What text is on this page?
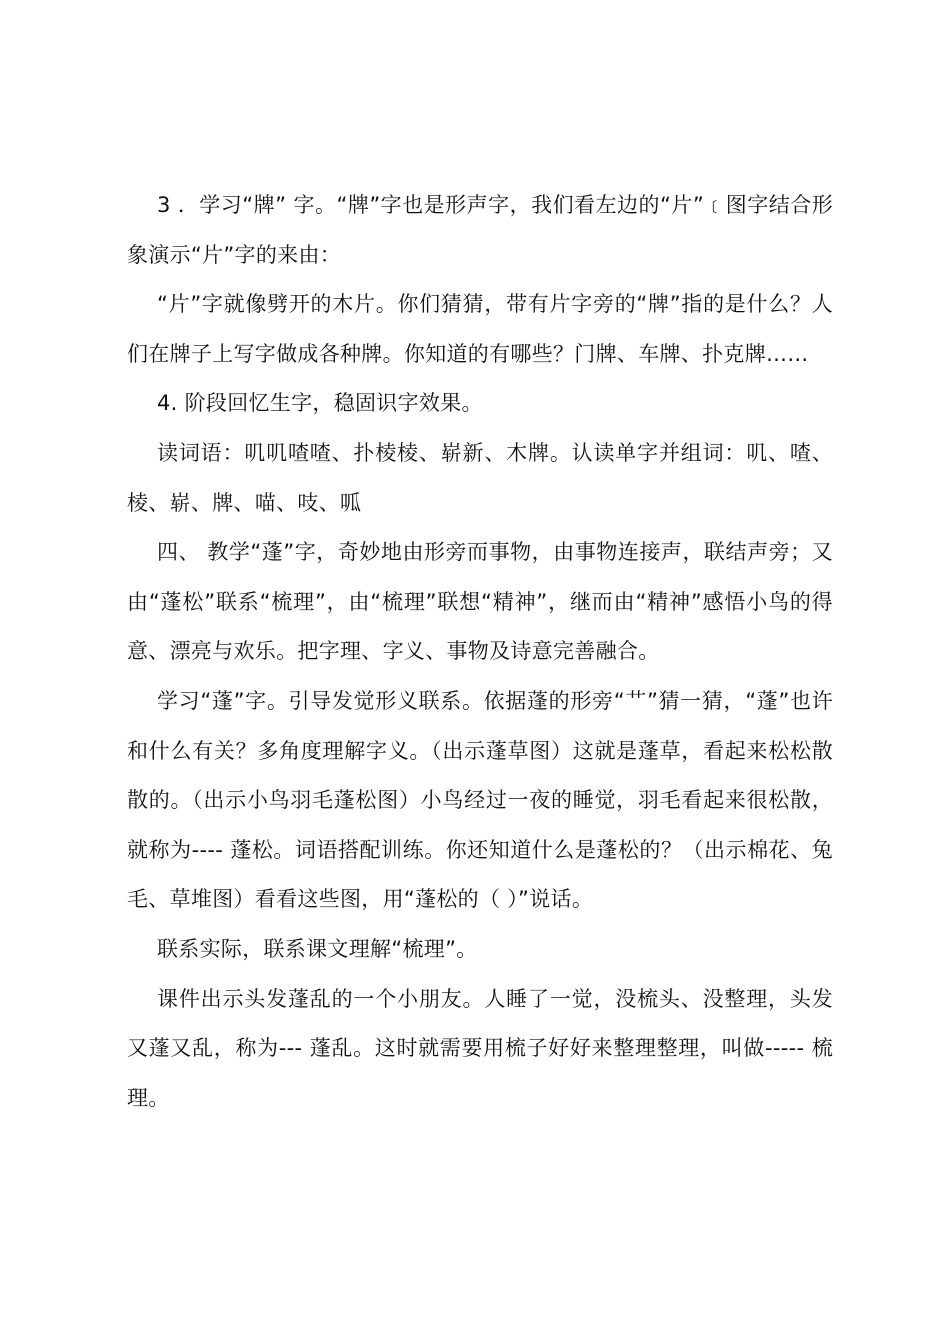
3 ．学习“牌” 字。“牌”字也是形声字，我们看左边的“片”﹝图字结合形象演示“片”字的来由：

“片”字就像劈开的木片。你们猜猜，带有片字旁的“牌”指的是什么？人们在牌子上写字做成各种牌。你知道的有哪些？门牌、车牌、扑克牌……

4. 阶段回忆生字，稳固识字效果。

读词语：叽叽喳喳、扑棱棱、崭新、木牌。认读单字并组词：叽、喳、棱、崭、牌、喵、吱、呱

四、 教学“蓬”字，奇妙地由形旁而事物，由事物连接声，联结声旁；又由“蓬松”联系“梳理”，由“梳理”联想“精神”，继而由“精神”感悟小鸟的得意、漂亮与欢乐。把字理、字义、事物及诗意完善融合。

学习“蓬”字。引导发觉形义联系。依据蓬的形旁“艹”猜一猜，“蓬”也许和什么有关？多角度理解字义。（出示蓬草图）这就是蓬草，看起来松松散散的。（出示小鸟羽毛蓬松图）小鸟经过一夜的睡觉，羽毛看起来很松散，就称为---- 蓬松。词语搭配训练。你还知道什么是蓬松的？（出示棉花、兔毛、草堆图）看看这些图，用“蓬松的（ ）”说话。

联系实际，联系课文理解“梳理”。

课件出示头发蓬乱的一个小朋友。人睡了一觉，没梳头、没整理，头发又蓬又乱，称为--- 蓬乱。这时就需要用梳子好好来整理整理，叫做----- 梳理。
